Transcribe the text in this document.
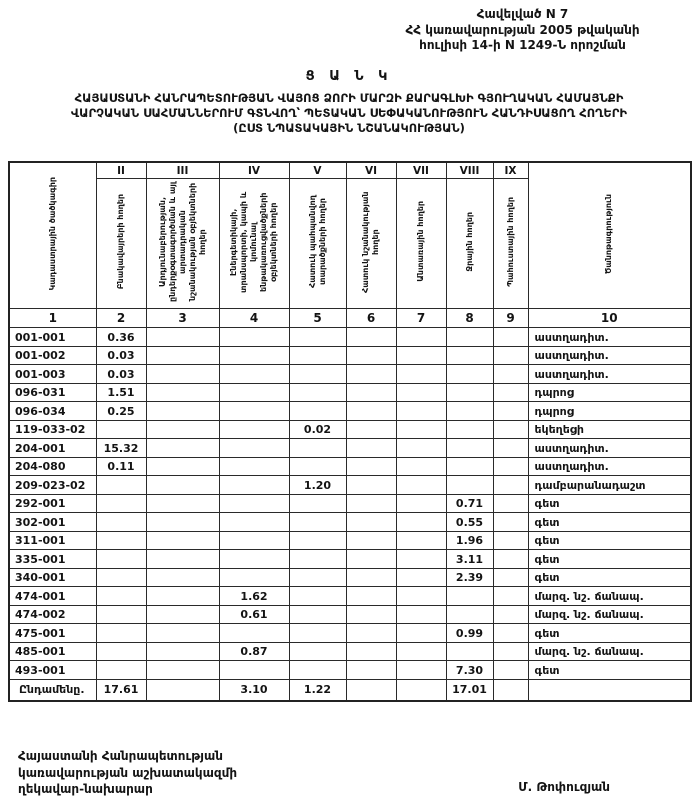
Հավելված N 7
ՀՀ կառավարության 2005 թվականի
հուլիսի 14-ի N 1249-Ն որոշման
Ց Ա Ն Կ
ՀԱՅԱՍՏԱՆԻ ՀԱՆՐԱՊԵՏՈՒԹՅԱՆ ՎԱՅՈՑ ՁՈՐԻ ՄԱՐԶԻ ՔԱՐԱԳԼԽԻ ԳՅՈՒՂԱԿԱՆ ՀԱՄԱՅՆՔԻ
ՎԱՐՉԱԿԱՆ ՍԱՀՄԱՆՆԵՐՈՒՄ ԳՏՆՎՈՂ՝ ՊԵՏԱԿԱՆ ՍԵՓԱԿԱՆՈՒԹՅՈՒՆ ՀԱՆԴԻՍԱՑՈՂ ՀՈՂԵՐԻ
(ԸՍՏ ՆՊԱՏԱԿԱՅԻՆ ՆՇԱՆԱԿՈՒԹՅԱՆ)
Կադաստրային ծածկագիր	II	III	IV	V	VI	VII	VIII	IX	Ծանոթագրություն
	Բնակավայրերի հողեր	Արդյունաբերության, ընդերքօգտագործման և այլ արտադրական նշանակության օբյեկտների հողեր	Էներգետիկայի, տրանսպորտի, կապի և կոմունալ ենթակառուցվածքների օբյեկտների հողեր	Հատուկ պահպանվող տարածքների հողեր	Հատուկ նշանակության հողեր	Անտառային հողեր	Ջրային հողեր	Պահուստային հողեր	
1	2	3	4	5	6	7	8	9	10
001-001	0.36								աստղադիտ.
001-002	0.03								աստղադիտ.
001-003	0.03								աստղադիտ.
096-031	1.51								դպրոց
096-034	0.25								դպրոց
119-033-02				0.02					եկեղեցի
204-001	15.32								աստղադիտ.
204-080	0.11								աստղադիտ.
209-023-02				1.20					դամբարանադաշտ
292-001							0.71		գետ
302-001							0.55		գետ
311-001							1.96		գետ
335-001							3.11		գետ
340-001							2.39		գետ
474-001			1.62						մարզ. նշ. ճանապ.
474-002			0.61						մարզ. նշ. ճանապ.
475-001							0.99		գետ
485-001			0.87						մարզ. նշ. ճանապ.
493-001							7.30		գետ
Ընդամենը.	17.61		3.10	1.22			17.01		
Հայաստանի Հանրապետության
կառավարության աշխատակազմի
ղեկավար-նախարար	Մ. Թոփուզյան
